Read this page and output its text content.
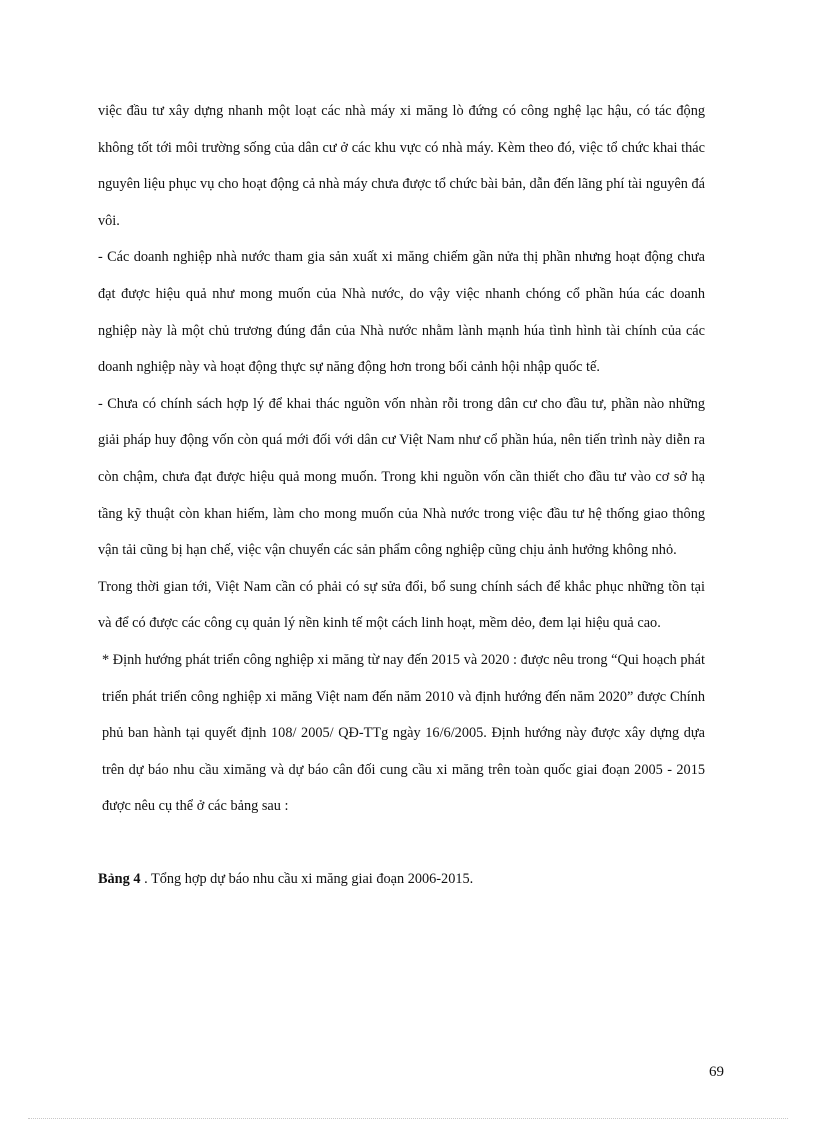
việc đầu tư xây dựng nhanh một loạt các nhà máy xi măng lò đứng có công nghệ lạc hậu, có tác động không tốt tới môi trường sống của dân cư ở các khu vực có nhà máy. Kèm theo đó, việc tổ chức khai thác nguyên liệu phục vụ cho hoạt động cả nhà máy chưa được tổ chức bài bản, dẫn đến lãng phí tài nguyên đá vôi.

- Các doanh nghiệp nhà nước tham gia sản xuất xi măng chiếm gần nửa thị phần nhưng hoạt động chưa đạt được hiệu quả như mong muốn của Nhà nước, do vậy việc nhanh chóng cổ phần húa các doanh nghiệp này là một chủ trương đúng đắn của Nhà nước nhằm lành mạnh húa tình hình tài chính của các doanh nghiệp này và hoạt động thực sự năng động hơn trong bối cảnh hội nhập quốc tế.

- Chưa có chính sách hợp lý để khai thác nguồn vốn nhàn rỗi trong dân cư cho đầu tư, phần nào những giải pháp huy động vốn còn quá mới đối với dân cư Việt Nam như cổ phần húa, nên tiến trình này diễn ra còn chậm, chưa đạt được hiệu quả mong muốn. Trong khi nguồn vốn cần thiết cho đầu tư vào cơ sở hạ tầng kỹ thuật còn khan hiếm, làm cho mong muốn của Nhà nước trong việc đầu tư hệ thống giao thông vận tải cũng bị hạn chế, việc vận chuyển các sản phẩm công nghiệp cũng chịu ảnh hưởng không nhỏ.

Trong thời gian tới, Việt Nam cần có phải có sự sửa đổi, bổ sung chính sách để khắc phục những tồn tại và để có được các công cụ quản lý nền kinh tế một cách linh hoạt, mềm dẻo, đem lại hiệu quả cao.

* Định hướng phát triển công nghiệp xi măng từ nay đến 2015 và 2020 : được nêu trong “Qui hoạch phát triển phát triển công nghiệp xi măng Việt nam đến năm 2010 và định hướng đến năm 2020” được Chính phủ ban hành tại quyết định 108/ 2005/ QĐ-TTg ngày 16/6/2005. Định hướng này được xây dựng dựa trên dự báo nhu cầu ximăng và dự báo cân đối cung cầu xi măng trên toàn quốc giai đoạn 2005 - 2015 được nêu cụ thể ở các bảng sau :

Bảng 4 . Tổng hợp dự báo nhu cầu xi măng giai đoạn 2006-2015.

69
